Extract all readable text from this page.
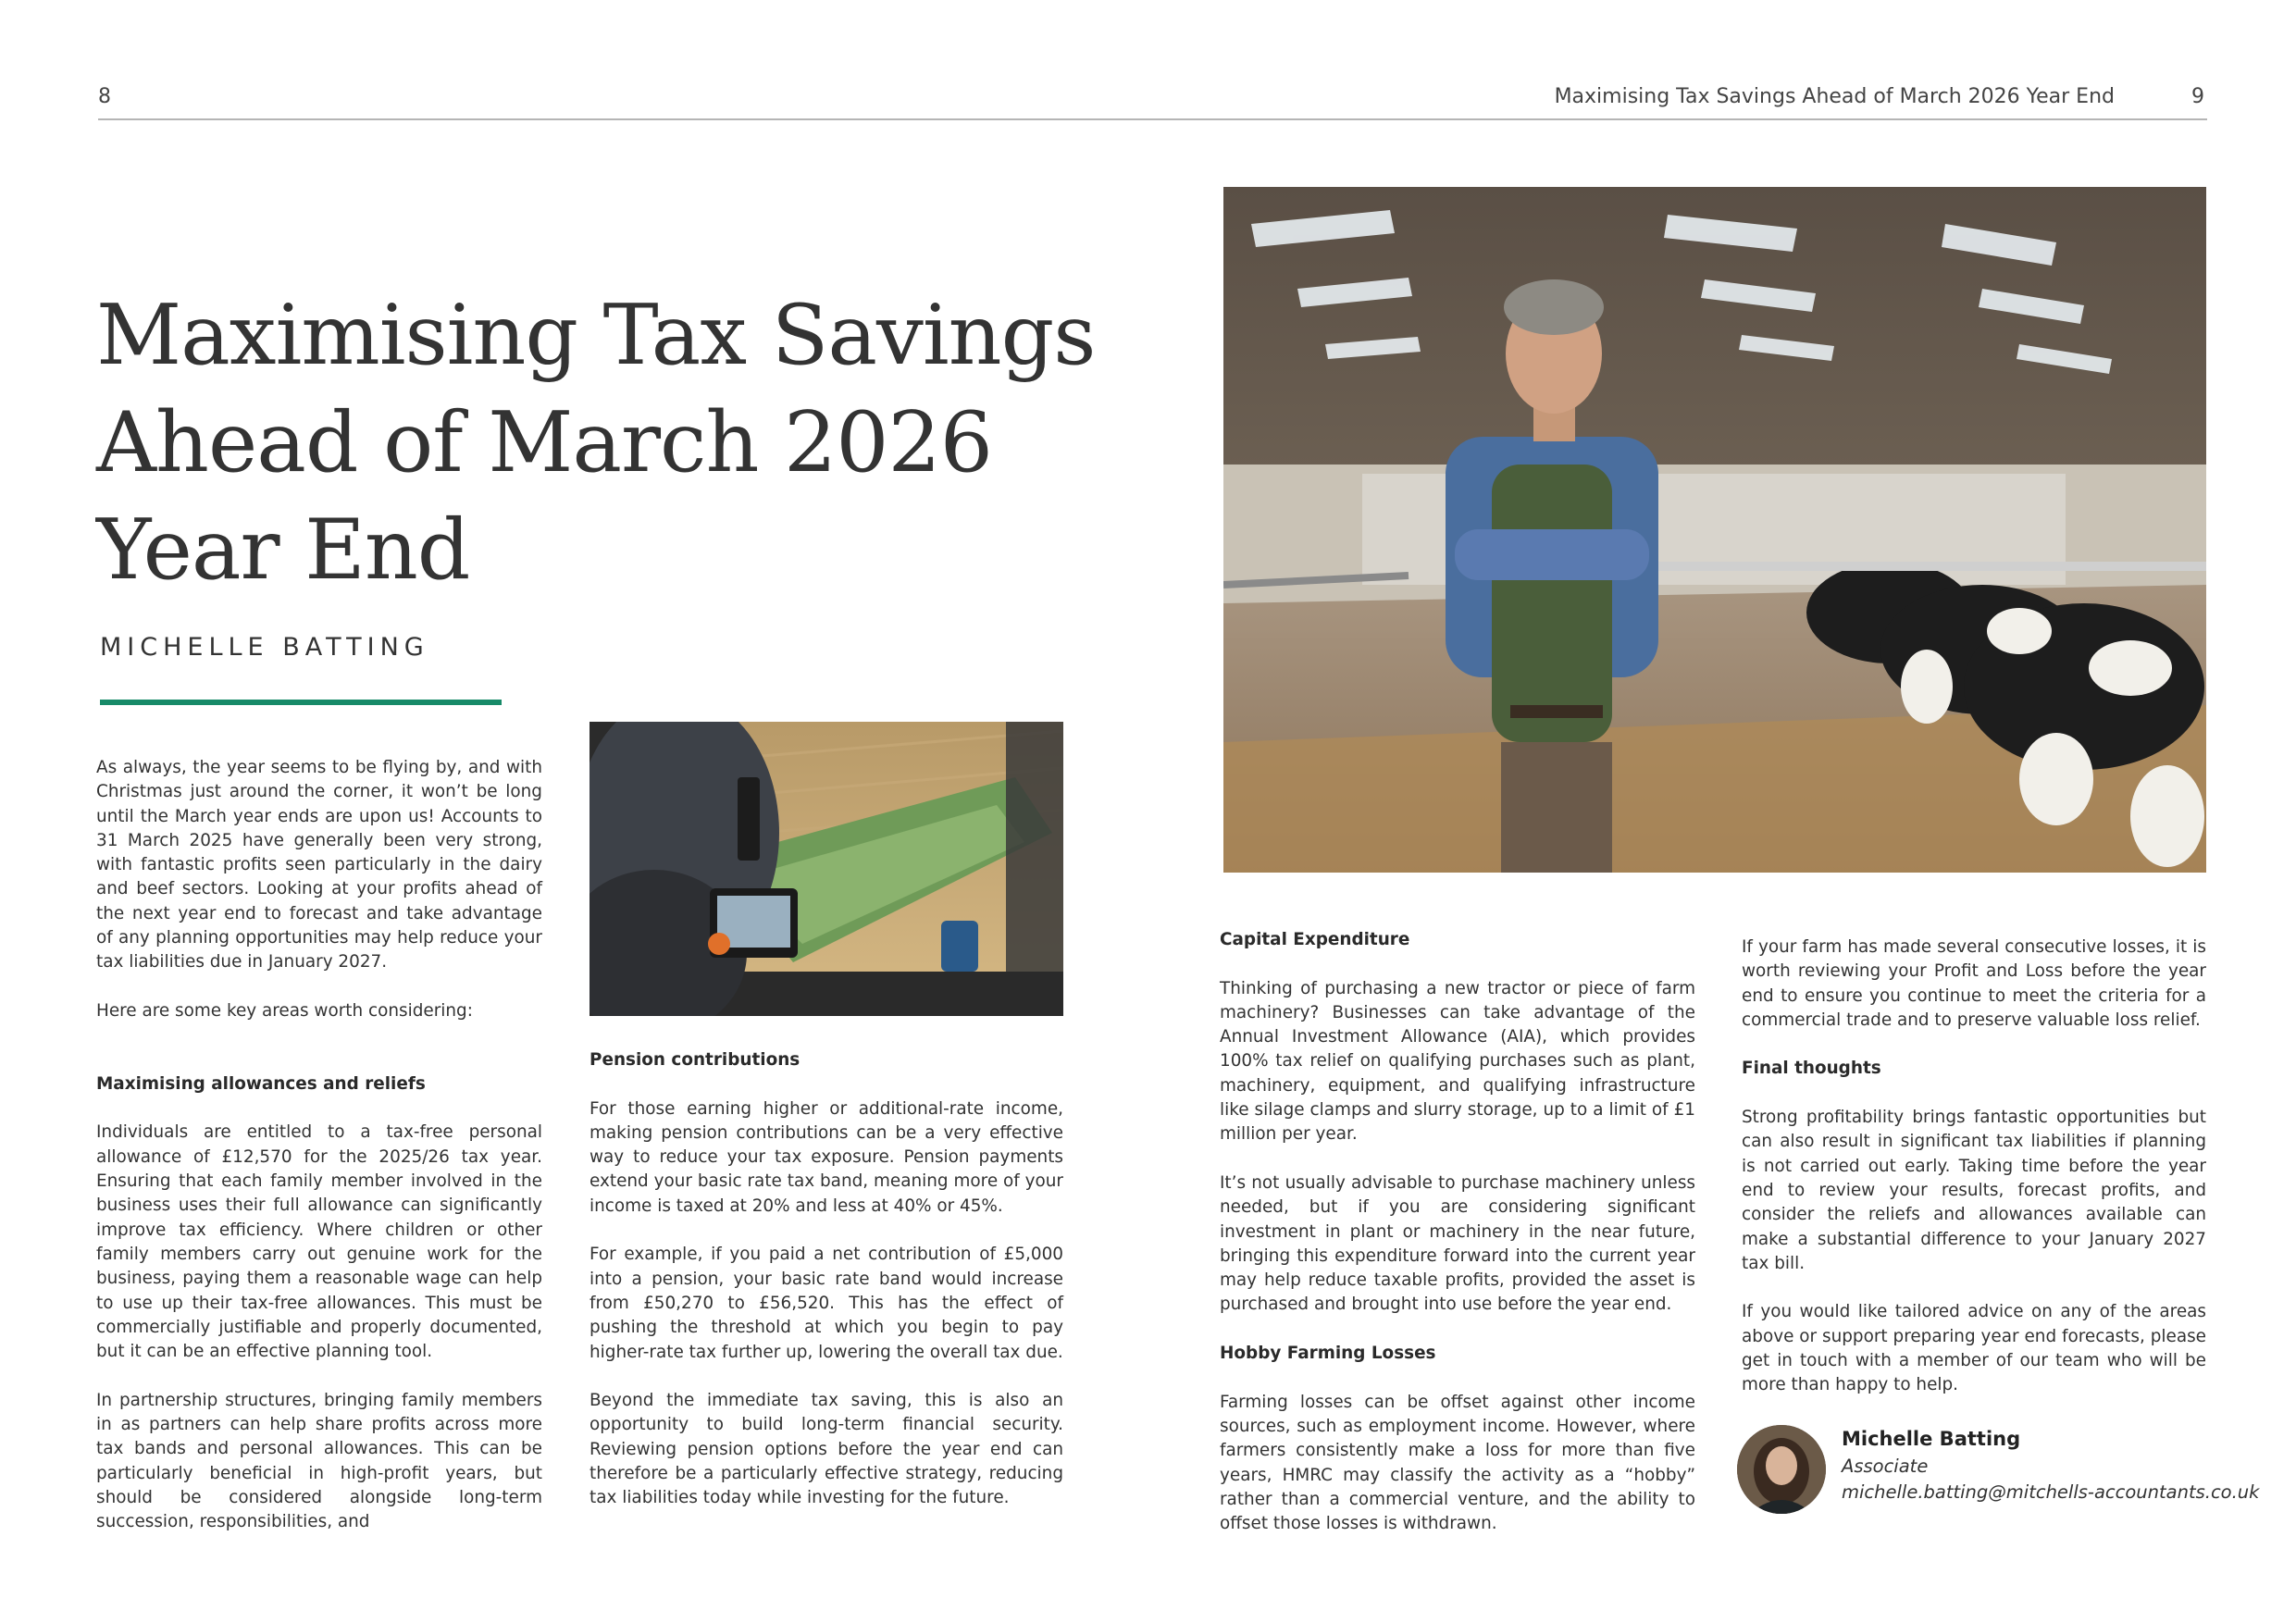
8	Maximising Tax Savings Ahead of March 2026 Year End	9
Maximising Tax Savings
Ahead of March 2026
Year End
MICHELLE BATTING

As always, the year seems to be flying by, and with Christmas just around the corner, it won’t be long until the March year ends are upon us! Accounts to 31 March 2025 have generally been very strong, with fantastic profits seen particularly in the dairy and beef sectors. Looking at your profits ahead of the next year end to forecast and take advantage of any planning opportunities may help reduce your tax liabilities due in January 2027.

Here are some key areas worth considering:

Maximising allowances and reliefs

Individuals are entitled to a tax-free personal allowance of £12,570 for the 2025/26 tax year. Ensuring that each family member involved in the business uses their full allowance can significantly improve tax efficiency. Where children or other family members carry out genuine work for the business, paying them a reasonable wage can help to use up their tax-free allowances. This must be commercially justifiable and properly documented, but it can be an effective planning tool.

In partnership structures, bringing family members in as partners can help share profits across more tax bands and personal allowances. This can be particularly beneficial in high-profit years, but should be considered alongside long-term succession, responsibilities, and

Pension contributions

For those earning higher or additional-rate income, making pension contributions can be a very effective way to reduce your tax exposure. Pension payments extend your basic rate tax band, meaning more of your income is taxed at 20% and less at 40% or 45%.

For example, if you paid a net contribution of £5,000 into a pension, your basic rate band would increase from £50,270 to £56,520. This has the effect of pushing the threshold at which you begin to pay higher-rate tax further up, lowering the overall tax due.

Beyond the immediate tax saving, this is also an opportunity to build long-term financial security. Reviewing pension options before the year end can therefore be a particularly effective strategy, reducing tax liabilities today while investing for the future.

Capital Expenditure

Thinking of purchasing a new tractor or piece of farm machinery? Businesses can take advantage of the Annual Investment Allowance (AIA), which provides 100% tax relief on qualifying purchases such as plant, machinery, equipment, and qualifying infrastructure like silage clamps and slurry storage, up to a limit of £1 million per year.

It’s not usually advisable to purchase machinery unless needed, but if you are considering significant investment in plant or machinery in the near future, bringing this expenditure forward into the current year may help reduce taxable profits, provided the asset is purchased and brought into use before the year end.

Hobby Farming Losses

Farming losses can be offset against other income sources, such as employment income. However, where farmers consistently make a loss for more than five years, HMRC may classify the activity as a “hobby” rather than a commercial venture, and the ability to offset those losses is withdrawn.

If your farm has made several consecutive losses, it is worth reviewing your Profit and Loss before the year end to ensure you continue to meet the criteria for a commercial trade and to preserve valuable loss relief.

Final thoughts

Strong profitability brings fantastic opportunities but can also result in significant tax liabilities if planning is not carried out early. Taking time before the year end to review your results, forecast profits, and consider the reliefs and allowances available can make a substantial difference to your January 2027 tax bill.

If you would like tailored advice on any of the areas above or support preparing year end forecasts, please get in touch with a member of our team who will be more than happy to help.

Michelle Batting
Associate
michelle.batting@mitchells-accountants.co.uk
